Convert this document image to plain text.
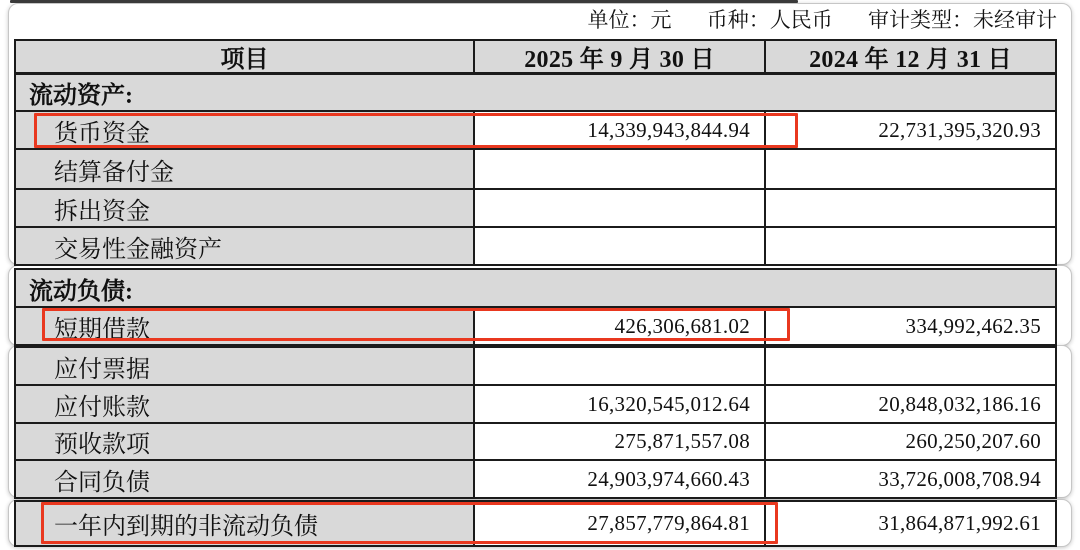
单位：元 币种：人民币 审计类型：未经审计
项目	2025 年 9 月 30 日	2024 年 12 月 31 日
流动资产:
货币资金	14,339,943,844.94	22,731,395,320.93
结算备付金
拆出资金
交易性金融资产
流动负债:
短期借款	426,306,681.02	334,992,462.35
应付票据
应付账款	16,320,545,012.64	20,848,032,186.16
预收款项	275,871,557.08	260,250,207.60
合同负债	24,903,974,660.43	33,726,008,708.94
一年内到期的非流动负债	27,857,779,864.81	31,864,871,992.61
